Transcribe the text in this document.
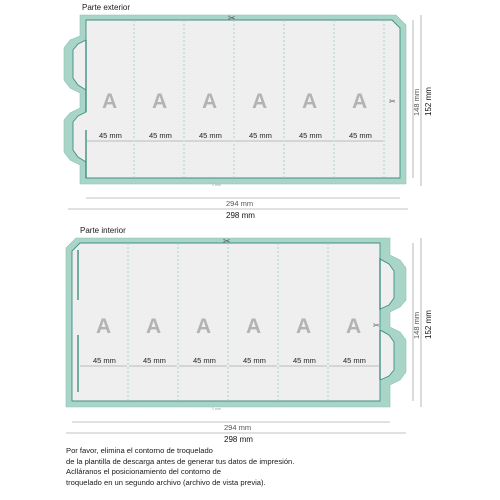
Parte exterior
✂
✂
A A A A A A
45 mm	45 mm	45 mm	45 mm	45 mm	45 mm
1 mm
294 mm
298 mm
148 mm 152 mm
Parte interior
✂
✂
A A A A A A
45 mm	45 mm	45 mm	45 mm	45 mm	45 mm
1 mm
294 mm
298 mm
148 mm 152 mm
Por favor, elimina el contorno de troquelado
de la plantilla de descarga antes de generar tus datos de impresión.
Aclláranos el posicionamiento del contorno de
troquelado en un segundo archivo (archivo de vista previa).
